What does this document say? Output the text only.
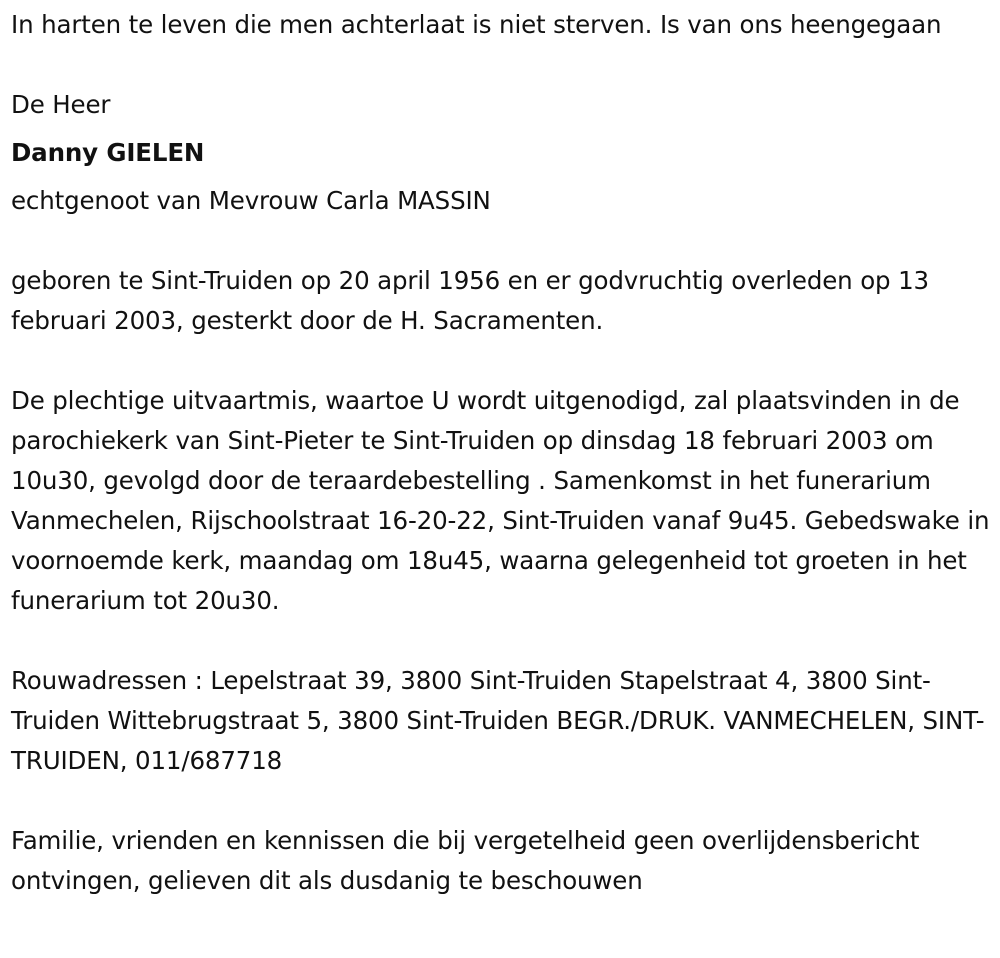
In harten te leven die men achterlaat is niet sterven. Is van ons heengegaan

De Heer

Danny GIELEN

echtgenoot van Mevrouw Carla MASSIN

geboren te Sint-Truiden op 20 april 1956 en er godvruchtig overleden op 13 februari 2003, gesterkt door de H. Sacramenten.

De plechtige uitvaartmis, waartoe U wordt uitgenodigd, zal plaatsvinden in de parochiekerk van Sint-Pieter te Sint-Truiden op dinsdag 18 februari 2003 om 10u30, gevolgd door de teraardebestelling . Samenkomst in het funerarium Vanmechelen, Rijschoolstraat 16-20-22, Sint-Truiden vanaf 9u45. Gebedswake in voornoemde kerk, maandag om 18u45, waarna gelegenheid tot groeten in het funerarium tot 20u30.

Rouwadressen : Lepelstraat 39, 3800 Sint-Truiden Stapelstraat 4, 3800 Sint-Truiden Wittebrugstraat 5, 3800 Sint-Truiden BEGR./DRUK. VANMECHELEN, SINT-TRUIDEN, 011/687718

Familie, vrienden en kennissen die bij vergetelheid geen overlijdensbericht ontvingen, gelieven dit als dusdanig te beschouwen
